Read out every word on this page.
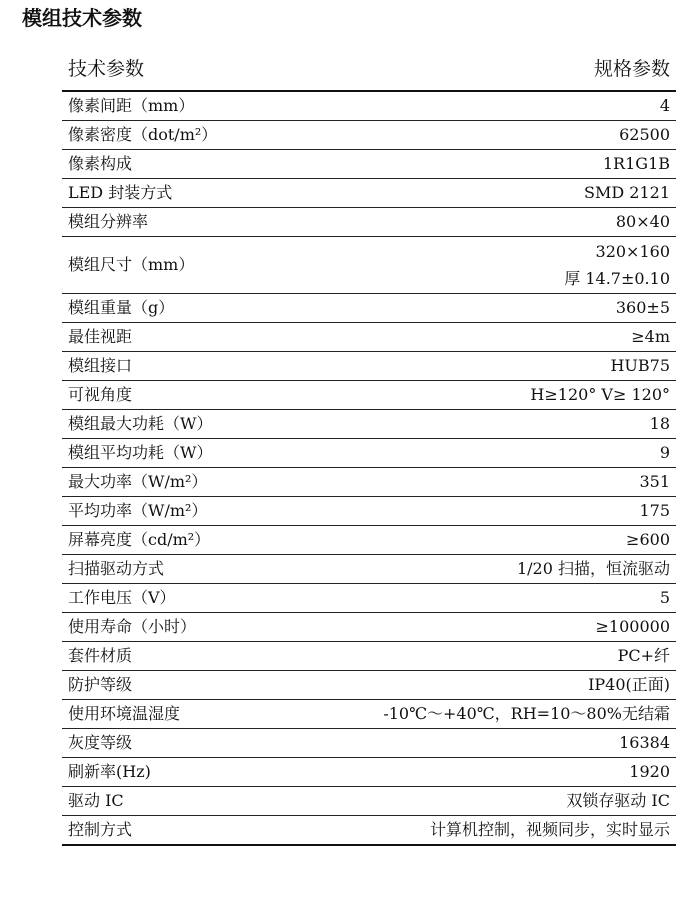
模组技术参数
技术参数	规格参数
像素间距（mm）	4
像素密度（dot/m²）	62500
像素构成	1R1G1B
LED 封装方式	SMD 2121
模组分辨率	80×40
模组尺寸（mm）	320×160
厚 14.7±0.10

模组重量（g）	360±5
最佳视距	≥4m
模组接口	HUB75
可视角度	H≥120° V≥ 120°
模组最大功耗（W）	18
模组平均功耗（W）	9
最大功率（W/m²）	351
平均功率（W/m²）	175
屏幕亮度（cd/m²）	≥600
扫描驱动方式	1/20 扫描，恒流驱动
工作电压（V）	5
使用寿命（小时）	≥100000
套件材质	PC+纤
防护等级	IP40(正面)
使用环境温湿度	-10℃～+40℃，RH=10～80%无结霜
灰度等级	16384
刷新率(Hz)	1920
驱动 IC	双锁存驱动 IC
控制方式	计算机控制，视频同步，实时显示
